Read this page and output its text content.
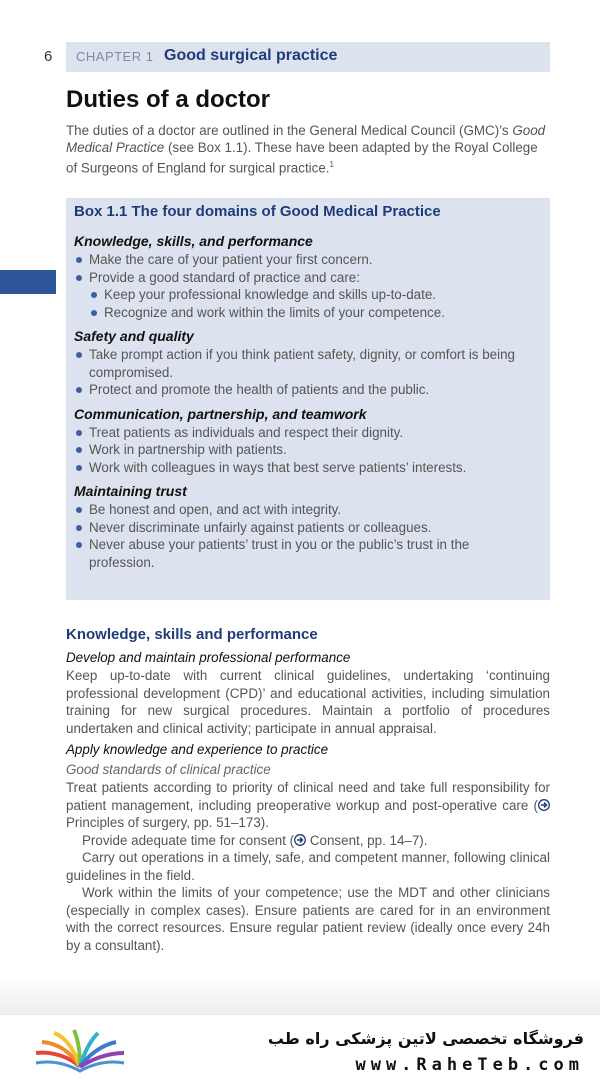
6 CHAPTER 1 Good surgical practice
Duties of a doctor

The duties of a doctor are outlined in the General Medical Council (GMC)’s Good Medical Practice (see Box 1.1). These have been adapted by the Royal College of Surgeons of England for surgical practice.$^1$

Box 1.1 The four domains of Good Medical Practice

Knowledge, skills, and performance

Make the care of your patient your first concern.
Provide a good standard of practice and care:
Keep your professional knowledge and skills up-to-date.
Recognize and work within the limits of your competence.

Safety and quality

Take prompt action if you think patient safety, dignity, or comfort is being compromised.
Protect and promote the health of patients and the public.

Communication, partnership, and teamwork

Treat patients as individuals and respect their dignity.
Work in partnership with patients.
Work with colleagues in ways that best serve patients’ interests.

Maintaining trust

Be honest and open, and act with integrity.
Never discriminate unfairly against patients or colleagues.
Never abuse your patients’ trust in you or the public’s trust in the profession.
Knowledge, skills and performance

Develop and maintain professional performance

Keep up-to-date with current clinical guidelines, undertaking ‘continuing professional development (CPD)’ and educational activities, including simulation training for new surgical procedures. Maintain a portfolio of procedures undertaken and clinical activity; participate in annual appraisal.

Apply knowledge and experience to practice

Good standards of clinical practice

Treat patients according to priority of clinical need and take full responsibility for patient management, including preoperative workup and post-operative care ( Principles of surgery, pp. 51–173).

Provide adequate time for consent ( Consent, pp. 14–7).

Carry out operations in a timely, safe, and competent manner, following clinical guidelines in the field.

Work within the limits of your competence; use the MDT and other clinicians (especially in complex cases). Ensure patients are cared for in an environment with the correct resources. Ensure regular patient review (ideally once every 24h by a consultant).

فروشگاه تخصصی لاتین پزشکی راه طب
www.RaheTeb.com
